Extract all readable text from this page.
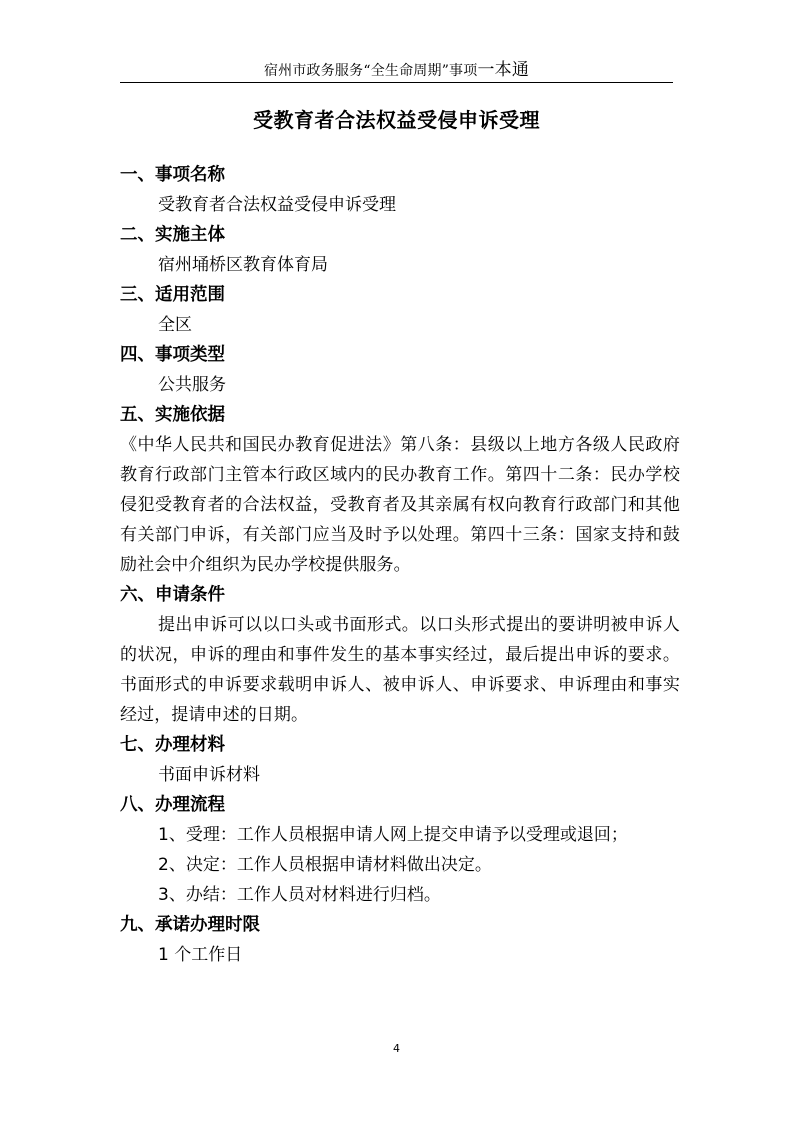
宿州市政务服务“全生命周期”事项一本通
受教育者合法权益受侵申诉受理

一、事项名称

受教育者合法权益受侵申诉受理

二、实施主体

宿州埇桥区教育体育局

三、适用范围

全区

四、事项类型

公共服务

五、实施依据

《中华人民共和国民办教育促进法》第八条：县级以上地方各级人民政府教育行政部门主管本行政区域内的民办教育工作。第四十二条：民办学校侵犯受教育者的合法权益，受教育者及其亲属有权向教育行政部门和其他有关部门申诉，有关部门应当及时予以处理。第四十三条：国家支持和鼓励社会中介组织为民办学校提供服务。

六、申请条件

提出申诉可以以口头或书面形式。以口头形式提出的要讲明被申诉人的状况，申诉的理由和事件发生的基本事实经过，最后提出申诉的要求。书面形式的申诉要求载明申诉人、被申诉人、申诉要求、申诉理由和事实经过，提请申述的日期。

七、办理材料

书面申诉材料

八、办理流程

1、受理：工作人员根据申请人网上提交申请予以受理或退回；

2、决定：工作人员根据申请材料做出决定。

3、办结：工作人员对材料进行归档。

九、承诺办理时限

1 个工作日

4
